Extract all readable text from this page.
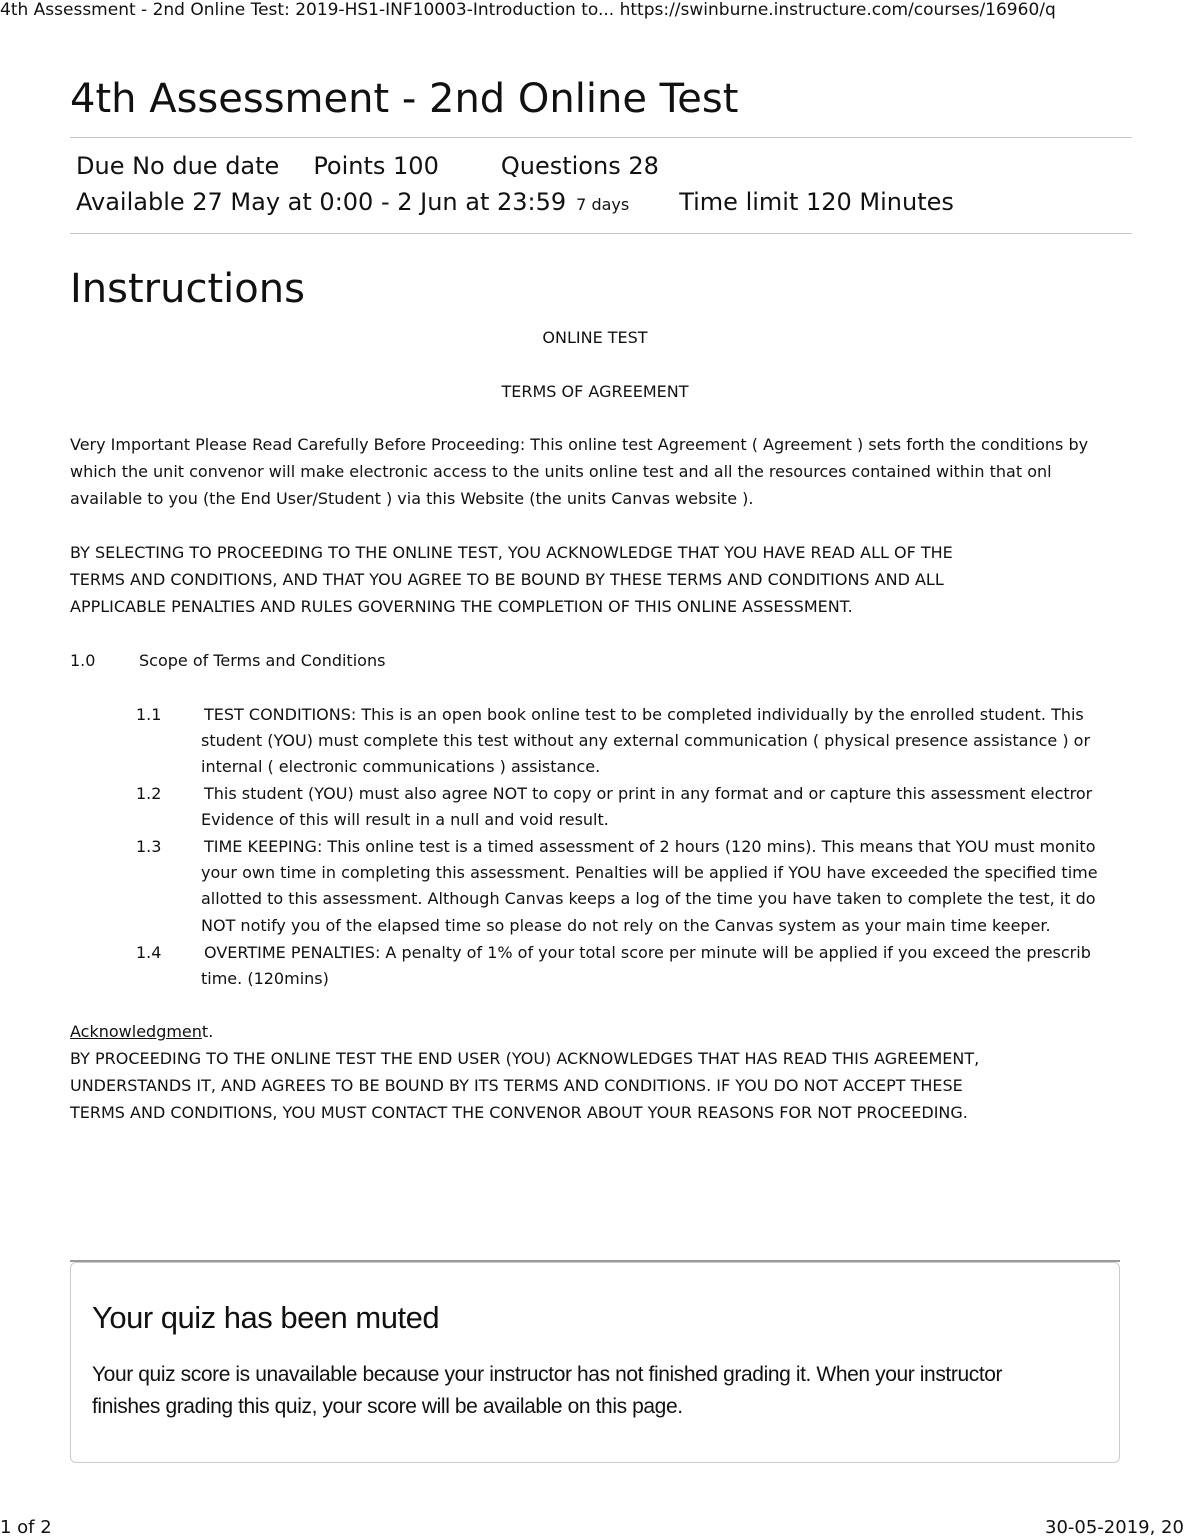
4th Assessment - 2nd Online Test: 2019-HS1-INF10003-Introduction to... https://swinburne.instructure.com/courses/16960/q
4th Assessment - 2nd Online Test
Due No due date Points 100	Questions 28
Available 27 May at 0:00 - 2 Jun at 23:59 7 days Time limit 120 Minutes
Instructions
ONLINE TEST
TERMS OF AGREEMENT
Very Important Please Read Carefully Before Proceeding: This online test Agreement ( Agreement ) sets forth the conditions by
which the unit convenor will make electronic access to the units online test and all the resources contained within that onl
available to you (the End User/Student ) via this Website (the units Canvas website ).
BY SELECTING TO PROCEEDING TO THE ONLINE TEST, YOU ACKNOWLEDGE THAT YOU HAVE READ ALL OF THE
TERMS AND CONDITIONS, AND THAT YOU AGREE TO BE BOUND BY THESE TERMS AND CONDITIONS AND ALL
APPLICABLE PENALTIES AND RULES GOVERNING THE COMPLETION OF THIS ONLINE ASSESSMENT.
1.0	Scope of Terms and Conditions
1.1	TEST CONDITIONS: This is an open book online test to be completed individually by the enrolled student. This
student (YOU) must complete this test without any external communication ( physical presence assistance ) or
internal ( electronic communications ) assistance.
1.2	This student (YOU) must also agree NOT to copy or print in any format and or capture this assessment electror
Evidence of this will result in a null and void result.
1.3	TIME KEEPING: This online test is a timed assessment of 2 hours (120 mins). This means that YOU must monito
your own time in completing this assessment. Penalties will be applied if YOU have exceeded the specified time
allotted to this assessment. Although Canvas keeps a log of the time you have taken to complete the test, it do
NOT notify you of the elapsed time so please do not rely on the Canvas system as your main time keeper.
1.4	OVERTIME PENALTIES: A penalty of 1% of your total score per minute will be applied if you exceed the prescrib
time. (120mins)
Acknowledgment.
BY PROCEEDING TO THE ONLINE TEST THE END USER (YOU) ACKNOWLEDGES THAT HAS READ THIS AGREEMENT,
UNDERSTANDS IT, AND AGREES TO BE BOUND BY ITS TERMS AND CONDITIONS. IF YOU DO NOT ACCEPT THESE
TERMS AND CONDITIONS, YOU MUST CONTACT THE CONVENOR ABOUT YOUR REASONS FOR NOT PROCEEDING.
Your quiz has been muted
Your quiz score is unavailable because your instructor has not finished grading it. When your instructor
finishes grading this quiz, your score will be available on this page.
1 of 2	30-05-2019, 20
